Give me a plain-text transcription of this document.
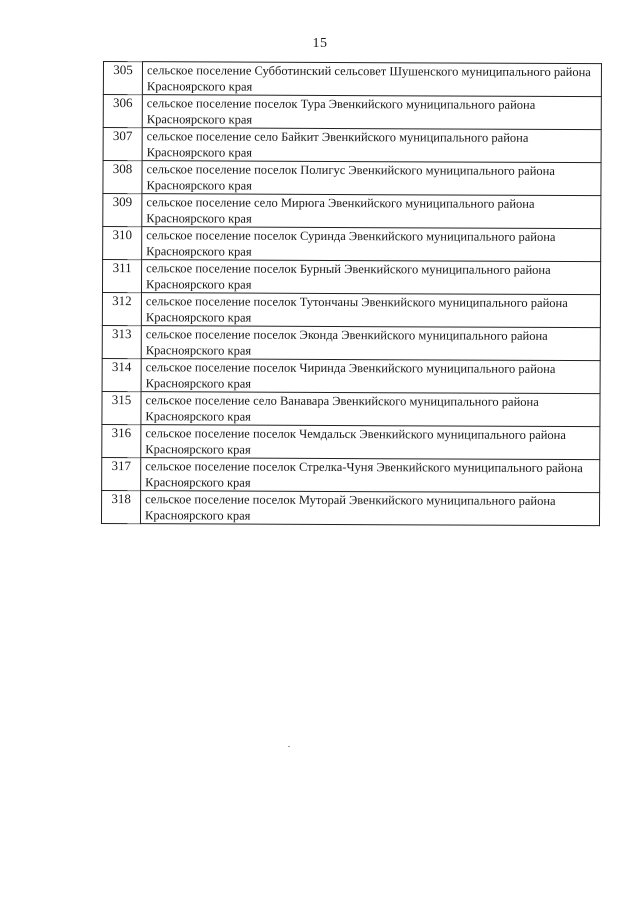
15
305	сельское поселение Субботинский сельсовет Шушенского муниципального района Красноярского края
306	сельское поселение поселок Тура Эвенкийского муниципального района Красноярского края
307	сельское поселение село Байкит Эвенкийского муниципального района Красноярского края
308	сельское поселение поселок Полигус Эвенкийского муниципального района Красноярского края
309	сельское поселение село Мирюга Эвенкийского муниципального района Красноярского края
310	сельское поселение поселок Суринда Эвенкийского муниципального района Красноярского края
311	сельское поселение поселок Бурный Эвенкийского муниципального района Красноярского края
312	сельское поселение поселок Тутончаны Эвенкийского муниципального района Красноярского края
313	сельское поселение поселок Эконда Эвенкийского муниципального района Красноярского края
314	сельское поселение поселок Чиринда Эвенкийского муниципального района Красноярского края
315	сельское поселение село Ванавара Эвенкийского муниципального района Красноярского края
316	сельское поселение поселок Чемдальск Эвенкийского муниципального района Красноярского края
317	сельское поселение поселок Стрелка-Чуня Эвенкийского муниципального района Красноярского края
318	сельское поселение поселок Муторай Эвенкийского муниципального района Красноярского края
